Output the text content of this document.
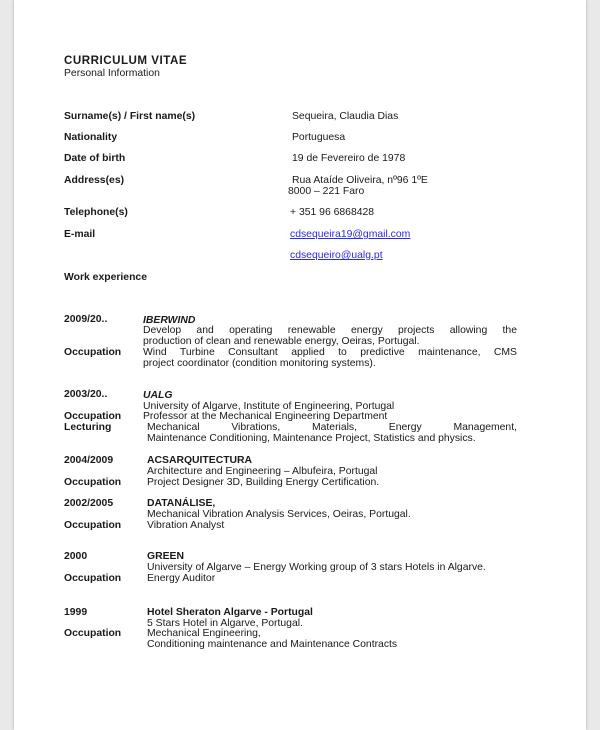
CURRICULUM VITAE
Personal Information
Surname(s) / First name(s)	Sequeira, Claudia Dias
Nationality	Portuguesa
Date of birth	19 de Fevereiro de 1978
Address(es)	Rua Ataíde Oliveira, nº96 1ºE
8000 – 221 Faro
Telephone(s)	+ 351 96 6868428
E-mail	cdsequeira19@gmail.com
cdsequeiro@ualg.pt
Work experience
2009/20..	IBERWIND
Develop and operating renewable energy projects allowing the
production of clean and renewable energy, Oeiras, Portugal.
Occupation Wind Turbine Consultant applied to predictive maintenance, CMS
project coordinator (condition monitoring systems).
2003/20..	UALG
University of Algarve, Institute of Engineering, Portugal
Occupation Professor at the Mechanical Engineering Department
Lecturing	Mechanical Vibrations, Materials, Energy Management,
Maintenance Conditioning, Maintenance Project, Statistics and physics.
2004/2009	ACSARQUITECTURA
Architecture and Engineering – Albufeira, Portugal
Occupation Project Designer 3D, Building Energy Certification.
2002/2005	DATANÁLISE,
Mechanical Vibration Analysis Services, Oeiras, Portugal.
Occupation Vibration Analyst
2000	GREEN
University of Algarve – Energy Working group of 3 stars Hotels in Algarve.
Occupation Energy Auditor
1999	Hotel Sheraton Algarve - Portugal
5 Stars Hotel in Algarve, Portugal.
Occupation Mechanical Engineering,
Conditioning maintenance and Maintenance Contracts
